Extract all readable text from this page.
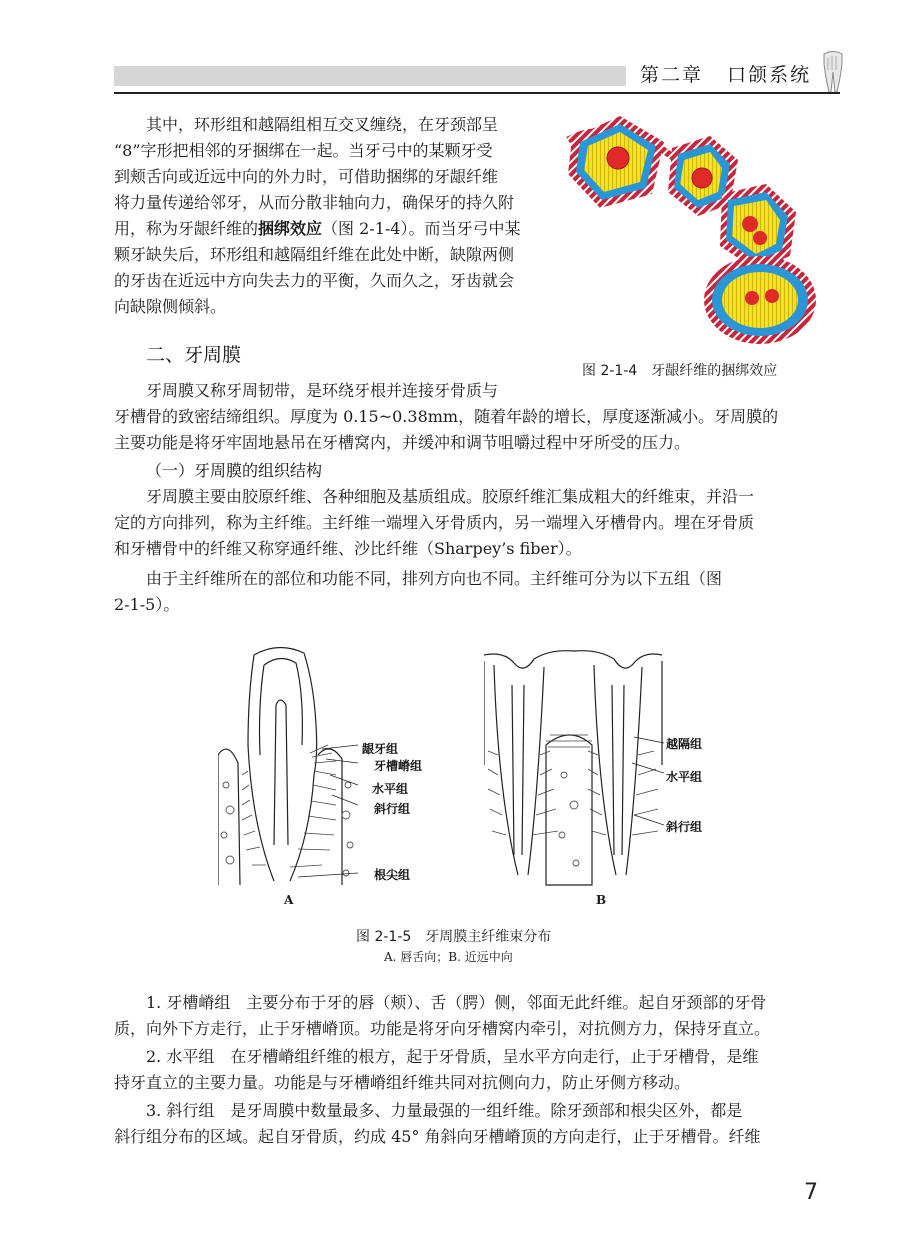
第二章 口颌系统
其中，环形组和越隔组相互交叉缠绕，在牙颈部呈
“8”字形把相邻的牙捆绑在一起。当牙弓中的某颗牙受
到颊舌向或近远中向的外力时，可借助捆绑的牙龈纤维
将力量传递给邻牙，从而分散非轴向力，确保牙的持久附
用，称为牙龈纤维的捆绑效应（图 2-1-4）。而当牙弓中某
颗牙缺失后，环形组和越隔组纤维在此处中断，缺隙两侧
的牙齿在近远中方向失去力的平衡，久而久之，牙齿就会
向缺隙侧倾斜。
图 2-1-4　牙龈纤维的捆绑效应
二、牙周膜
牙周膜又称牙周韧带，是环绕牙根并连接牙骨质与
牙槽骨的致密结缔组织。厚度为 0.15~0.38mm，随着年龄的增长，厚度逐渐减小。牙周膜的
主要功能是将牙牢固地悬吊在牙槽窝内，并缓冲和调节咀嚼过程中牙所受的压力。
（一）牙周膜的组织结构
牙周膜主要由胶原纤维、各种细胞及基质组成。胶原纤维汇集成粗大的纤维束，并沿一
定的方向排列，称为主纤维。主纤维一端埋入牙骨质内，另一端埋入牙槽骨内。埋在牙骨质
和牙槽骨中的纤维又称穿通纤维、沙比纤维（Sharpey’s fiber）。
由于主纤维所在的部位和功能不同，排列方向也不同。主纤维可分为以下五组（图
2-1-5）。
龈牙组
牙槽嵴组
水平组
斜行组
根尖组
A
越隔组
水平组
斜行组
B
图 2-1-5　牙周膜主纤维束分布
A. 唇舌向；B. 近远中向
1. 牙槽嵴组　主要分布于牙的唇（颊）、舌（腭）侧，邻面无此纤维。起自牙颈部的牙骨
质，向外下方走行，止于牙槽嵴顶。功能是将牙向牙槽窝内牵引，对抗侧方力，保持牙直立。
2. 水平组　在牙槽嵴组纤维的根方，起于牙骨质，呈水平方向走行，止于牙槽骨，是维
持牙直立的主要力量。功能是与牙槽嵴组纤维共同对抗侧向力，防止牙侧方移动。
3. 斜行组　是牙周膜中数量最多、力量最强的一组纤维。除牙颈部和根尖区外，都是
斜行组分布的区域。起自牙骨质，约成 45° 角斜向牙槽嵴顶的方向走行，止于牙槽骨。纤维
7
